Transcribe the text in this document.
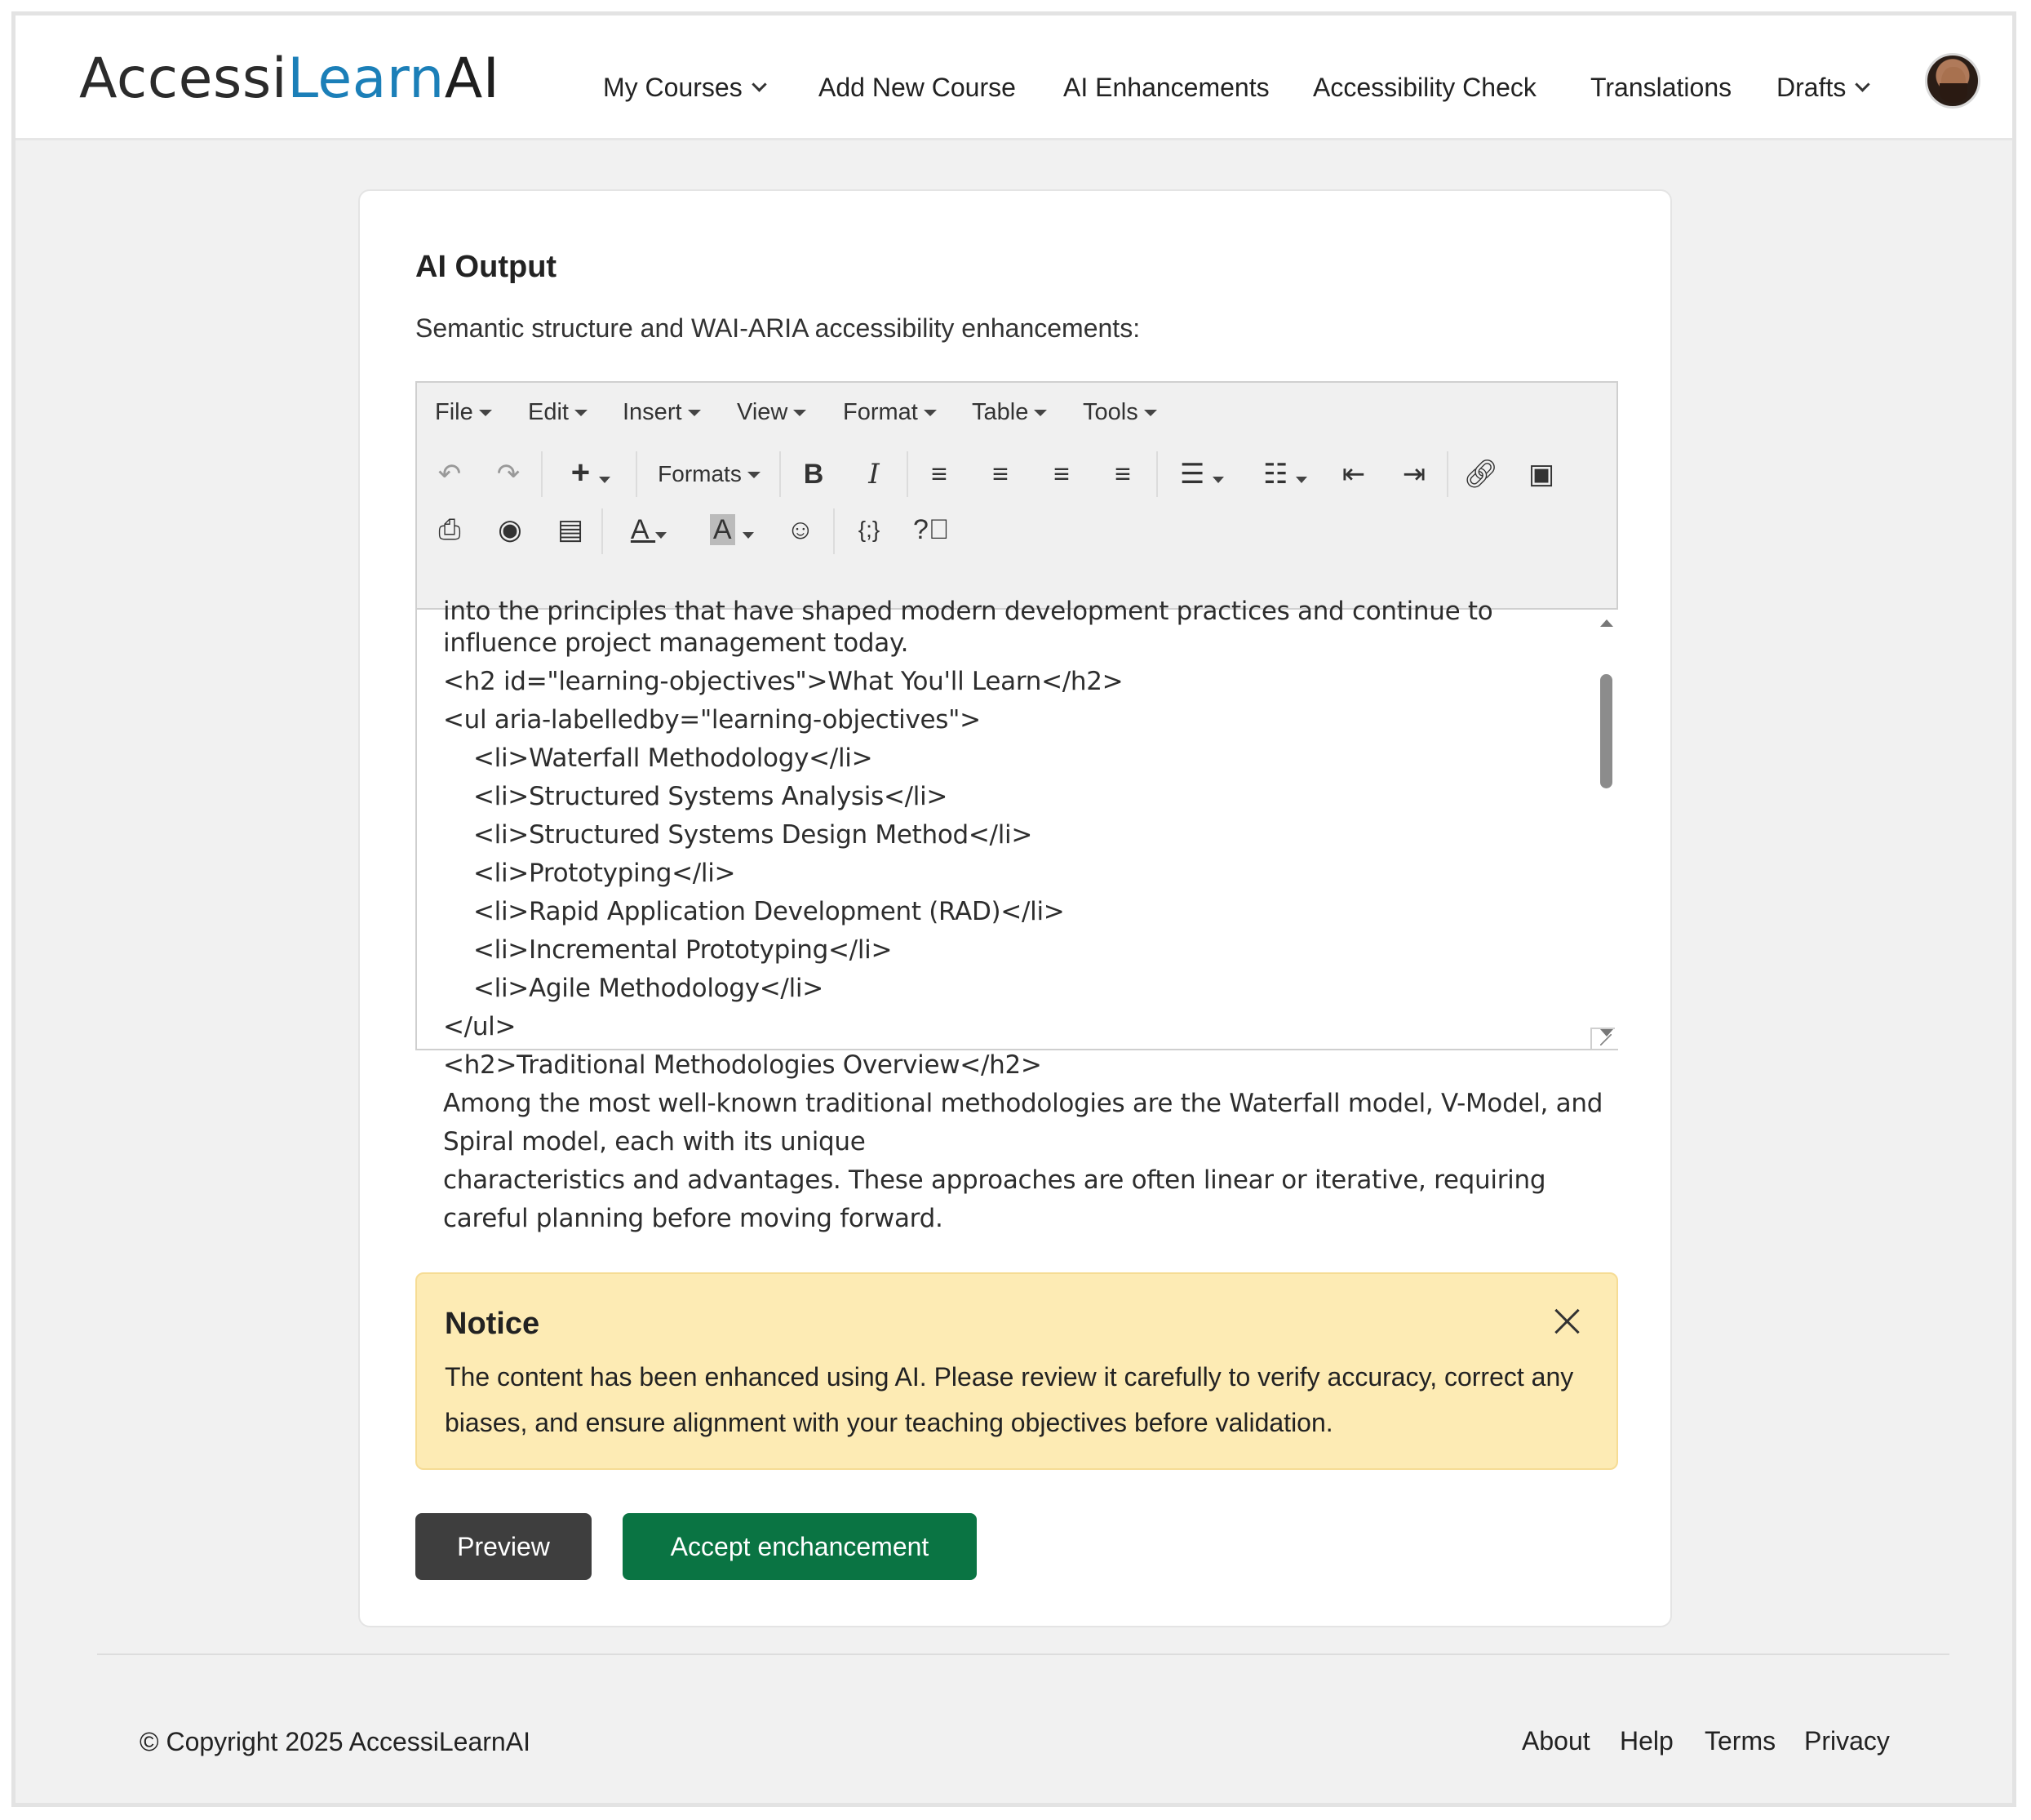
AccessiLearnAI	My Courses	Add New Course AI Enhancements Accessibility Check Translations Drafts
AI Output
Semantic structure and WAI-ARIA accessibility enhancements:
File	Edit	Insert	View	Format	Table	Tools
↶ ↷ +	Formats	B	I	≡	≡	≡	≡	☰	☷	⇤ ⇥ 🔗︎ ▣
⎙ ◉ ▤	A	A	☺	{;}	?⃝
into the principles that have shaped modern development practices and continue to
influence project management today.
<h2 id="learning-objectives">What You'll Learn</h2>
<ul aria-labelledby="learning-objectives">
<li>Waterfall Methodology</li>
<li>Structured Systems Analysis</li>
<li>Structured Systems Design Method</li>
<li>Prototyping</li>
<li>Rapid Application Development (RAD)</li>
<li>Incremental Prototyping</li>
<li>Agile Methodology</li>
</ul>
<h2>Traditional Methodologies Overview</h2>
Among the most well-known traditional methodologies are the Waterfall model, V-Model, and
Spiral model, each with its unique
characteristics and advantages. These approaches are often linear or iterative, requiring
careful planning before moving forward.
Notice
The content has been enhanced using AI. Please review it carefully to verify accuracy, correct any biases, and ensure alignment with your teaching objectives before validation.
Preview	Accept enchancement
© Copyright 2025 AccessiLearnAI	About Help Terms Privacy
